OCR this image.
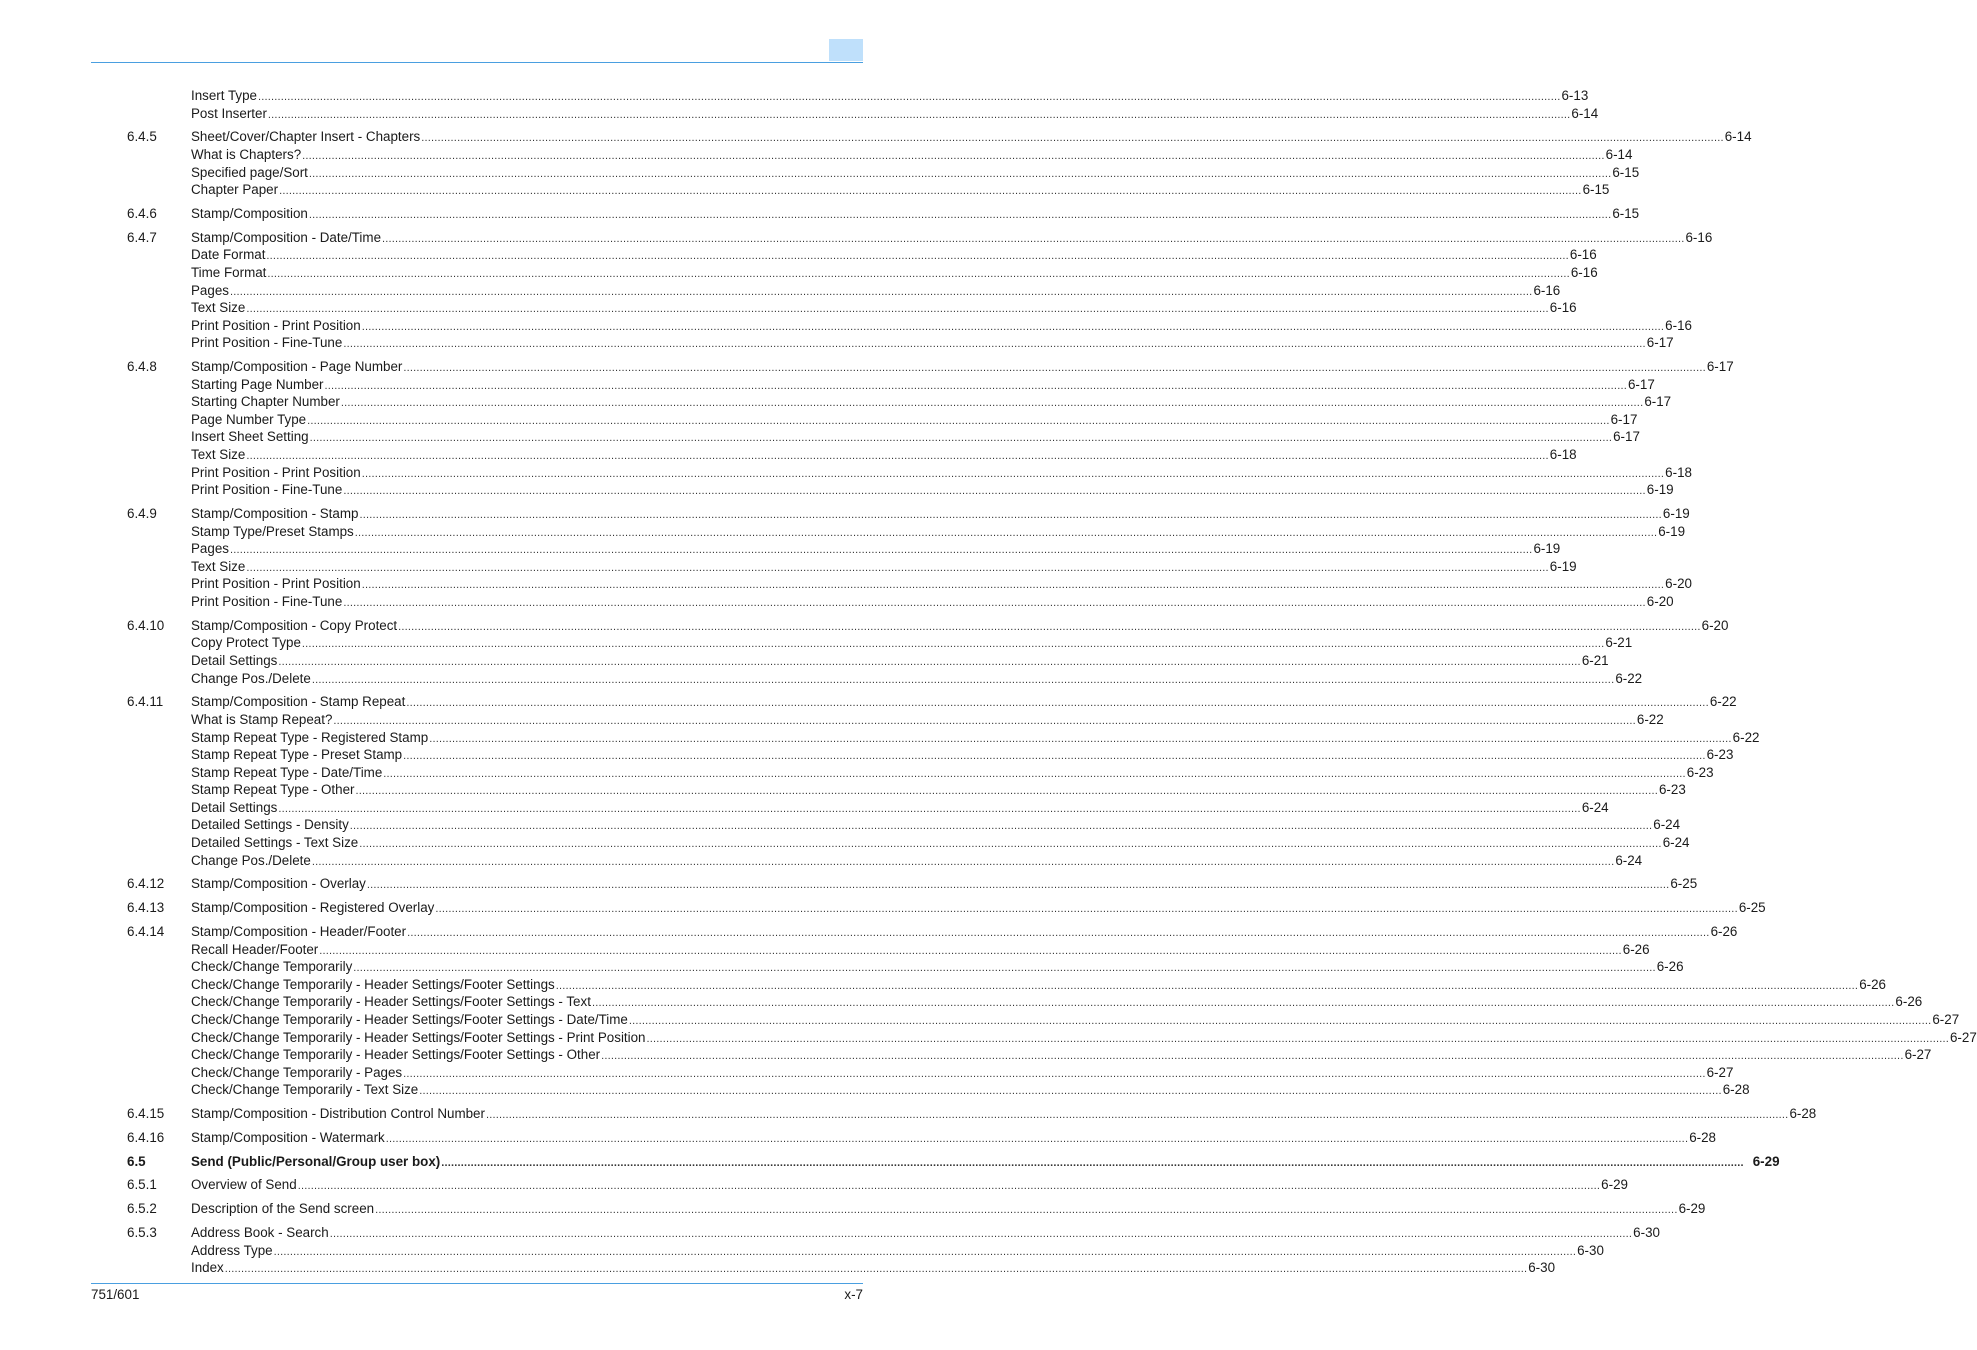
Insert Type ................................................................................................................................................................................................................................................................................................................................................................................................................ 6-13
Post Inserter ................................................................................................................................................................................................................................................................................................................................................................................................................ 6-14
6.4.5	Sheet/Cover/Chapter Insert - Chapters ................................................................................................................................................................................................................................................................................................................................................................................................................ 6-14
What is Chapters? ................................................................................................................................................................................................................................................................................................................................................................................................................ 6-14
Specified page/Sort ................................................................................................................................................................................................................................................................................................................................................................................................................ 6-15
Chapter Paper ................................................................................................................................................................................................................................................................................................................................................................................................................ 6-15
6.4.6	Stamp/Composition ................................................................................................................................................................................................................................................................................................................................................................................................................ 6-15
6.4.7	Stamp/Composition - Date/Time ................................................................................................................................................................................................................................................................................................................................................................................................................ 6-16
Date Format ................................................................................................................................................................................................................................................................................................................................................................................................................ 6-16
Time Format ................................................................................................................................................................................................................................................................................................................................................................................................................ 6-16
Pages ................................................................................................................................................................................................................................................................................................................................................................................................................ 6-16
Text Size ................................................................................................................................................................................................................................................................................................................................................................................................................ 6-16
Print Position - Print Position ................................................................................................................................................................................................................................................................................................................................................................................................................ 6-16
Print Position - Fine-Tune ................................................................................................................................................................................................................................................................................................................................................................................................................ 6-17
6.4.8	Stamp/Composition - Page Number ................................................................................................................................................................................................................................................................................................................................................................................................................ 6-17
Starting Page Number ................................................................................................................................................................................................................................................................................................................................................................................................................ 6-17
Starting Chapter Number ................................................................................................................................................................................................................................................................................................................................................................................................................ 6-17
Page Number Type ................................................................................................................................................................................................................................................................................................................................................................................................................ 6-17
Insert Sheet Setting ................................................................................................................................................................................................................................................................................................................................................................................................................ 6-17
Text Size ................................................................................................................................................................................................................................................................................................................................................................................................................ 6-18
Print Position - Print Position ................................................................................................................................................................................................................................................................................................................................................................................................................ 6-18
Print Position - Fine-Tune ................................................................................................................................................................................................................................................................................................................................................................................................................ 6-19
6.4.9	Stamp/Composition - Stamp ................................................................................................................................................................................................................................................................................................................................................................................................................ 6-19
Stamp Type/Preset Stamps ................................................................................................................................................................................................................................................................................................................................................................................................................ 6-19
Pages ................................................................................................................................................................................................................................................................................................................................................................................................................ 6-19
Text Size ................................................................................................................................................................................................................................................................................................................................................................................................................ 6-19
Print Position - Print Position ................................................................................................................................................................................................................................................................................................................................................................................................................ 6-20
Print Position - Fine-Tune ................................................................................................................................................................................................................................................................................................................................................................................................................ 6-20
6.4.10 Stamp/Composition - Copy Protect ................................................................................................................................................................................................................................................................................................................................................................................................................ 6-20
Copy Protect Type ................................................................................................................................................................................................................................................................................................................................................................................................................ 6-21
Detail Settings ................................................................................................................................................................................................................................................................................................................................................................................................................ 6-21
Change Pos./Delete ................................................................................................................................................................................................................................................................................................................................................................................................................ 6-22
6.4.11 Stamp/Composition - Stamp Repeat ................................................................................................................................................................................................................................................................................................................................................................................................................ 6-22
What is Stamp Repeat? ................................................................................................................................................................................................................................................................................................................................................................................................................ 6-22
Stamp Repeat Type - Registered Stamp ................................................................................................................................................................................................................................................................................................................................................................................................................ 6-22
Stamp Repeat Type - Preset Stamp ................................................................................................................................................................................................................................................................................................................................................................................................................ 6-23
Stamp Repeat Type - Date/Time ................................................................................................................................................................................................................................................................................................................................................................................................................ 6-23
Stamp Repeat Type - Other ................................................................................................................................................................................................................................................................................................................................................................................................................ 6-23
Detail Settings ................................................................................................................................................................................................................................................................................................................................................................................................................ 6-24
Detailed Settings - Density ................................................................................................................................................................................................................................................................................................................................................................................................................ 6-24
Detailed Settings - Text Size ................................................................................................................................................................................................................................................................................................................................................................................................................ 6-24
Change Pos./Delete ................................................................................................................................................................................................................................................................................................................................................................................................................ 6-24
6.4.12 Stamp/Composition - Overlay ................................................................................................................................................................................................................................................................................................................................................................................................................ 6-25
6.4.13 Stamp/Composition - Registered Overlay ................................................................................................................................................................................................................................................................................................................................................................................................................ 6-25
6.4.14 Stamp/Composition - Header/Footer ................................................................................................................................................................................................................................................................................................................................................................................................................ 6-26
Recall Header/Footer ................................................................................................................................................................................................................................................................................................................................................................................................................ 6-26
Check/Change Temporarily ................................................................................................................................................................................................................................................................................................................................................................................................................ 6-26
Check/Change Temporarily - Header Settings/Footer Settings ................................................................................................................................................................................................................................................................................................................................................................................................................ 6-26
Check/Change Temporarily - Header Settings/Footer Settings - Text ................................................................................................................................................................................................................................................................................................................................................................................................................ 6-26
Check/Change Temporarily - Header Settings/Footer Settings - Date/Time ................................................................................................................................................................................................................................................................................................................................................................................................................ 6-27
Check/Change Temporarily - Header Settings/Footer Settings - Print Position ................................................................................................................................................................................................................................................................................................................................................................................................................ 6-27
Check/Change Temporarily - Header Settings/Footer Settings - Other ................................................................................................................................................................................................................................................................................................................................................................................................................ 6-27
Check/Change Temporarily - Pages ................................................................................................................................................................................................................................................................................................................................................................................................................ 6-27
Check/Change Temporarily - Text Size ................................................................................................................................................................................................................................................................................................................................................................................................................ 6-28
6.4.15 Stamp/Composition - Distribution Control Number ................................................................................................................................................................................................................................................................................................................................................................................................................ 6-28
6.4.16 Stamp/Composition - Watermark ................................................................................................................................................................................................................................................................................................................................................................................................................ 6-28
6.5	Send (Public/Personal/Group user box) ................................................................................................................................................................................................................................................................................................................................................................................................................ 6-29
6.5.1	Overview of Send ................................................................................................................................................................................................................................................................................................................................................................................................................ 6-29
6.5.2	Description of the Send screen ................................................................................................................................................................................................................................................................................................................................................................................................................ 6-29
6.5.3	Address Book - Search ................................................................................................................................................................................................................................................................................................................................................................................................................ 6-30
Address Type ................................................................................................................................................................................................................................................................................................................................................................................................................ 6-30
Index ................................................................................................................................................................................................................................................................................................................................................................................................................ 6-30
751/601	x-7
